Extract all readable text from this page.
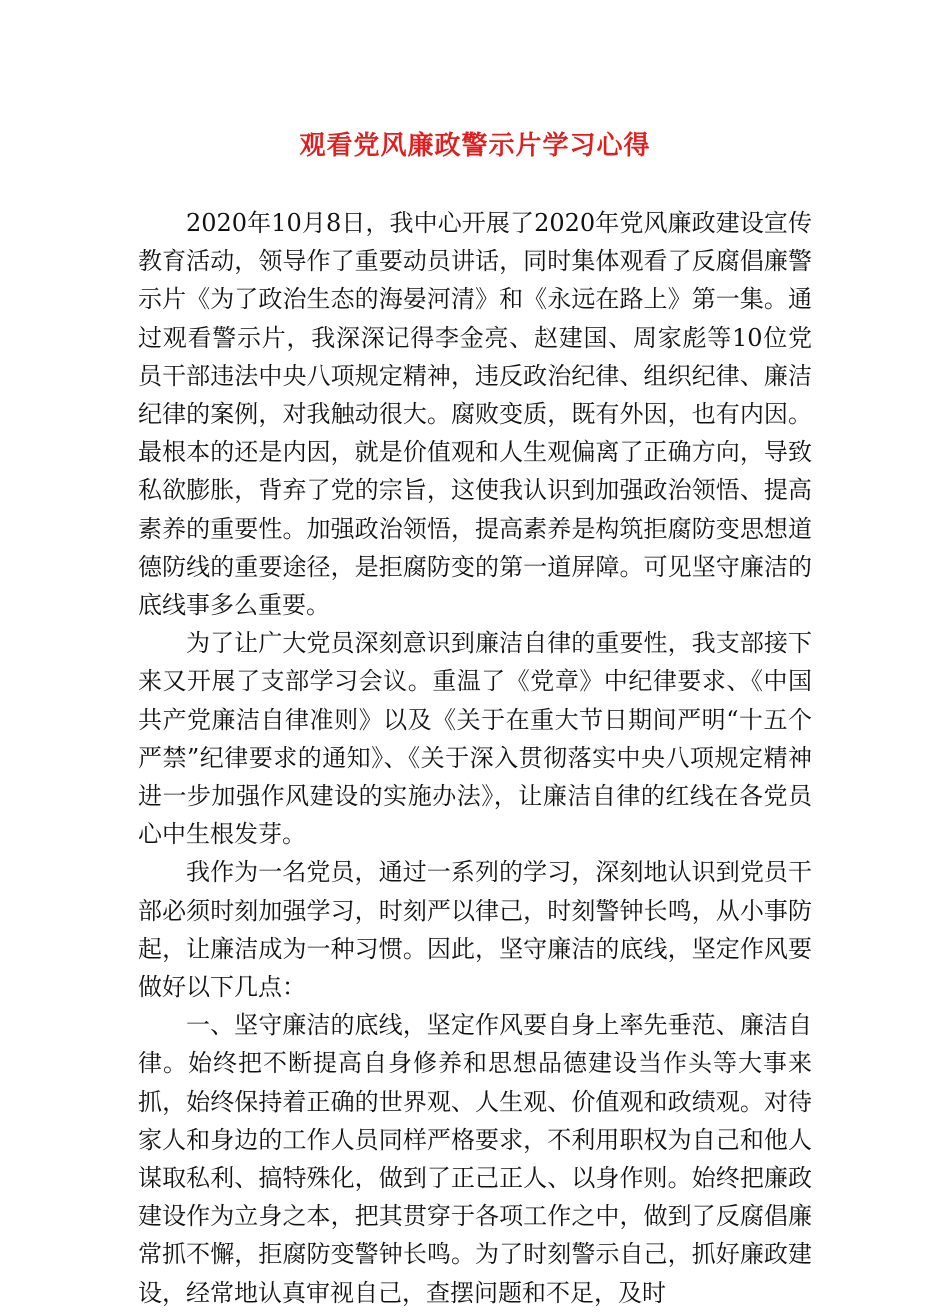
观看党风廉政警示片学习心得

2020年10月8日，我中心开展了2020年党风廉政建设宣传教育活动，领导作了重要动员讲话，同时集体观看了反腐倡廉警示片《为了政治生态的海晏河清》和《永远在路上》第一集。通过观看警示片，我深深记得李金亮、赵建国、周家彪等10位党员干部违法中央八项规定精神，违反政治纪律、组织纪律、廉洁纪律的案例，对我触动很大。腐败变质，既有外因，也有内因。最根本的还是内因，就是价值观和人生观偏离了正确方向，导致私欲膨胀，背弃了党的宗旨，这使我认识到加强政治领悟、提高素养的重要性。加强政治领悟，提高素养是构筑拒腐防变思想道德防线的重要途径，是拒腐防变的第一道屏障。可见坚守廉洁的底线事多么重要。

为了让广大党员深刻意识到廉洁自律的重要性，我支部接下来又开展了支部学习会议。重温了《党章》中纪律要求、《中国共产党廉洁自律准则》以及《关于在重大节日期间严明“十五个严禁”纪律要求的通知》、《关于深入贯彻落实中央八项规定精神进一步加强作风建设的实施办法》，让廉洁自律的红线在各党员心中生根发芽。

我作为一名党员，通过一系列的学习，深刻地认识到党员干部必须时刻加强学习，时刻严以律己，时刻警钟长鸣，从小事防起，让廉洁成为一种习惯。因此，坚守廉洁的底线，坚定作风要做好以下几点：

一、坚守廉洁的底线，坚定作风要自身上率先垂范、廉洁自律。始终把不断提高自身修养和思想品德建设当作头等大事来抓，始终保持着正确的世界观、人生观、价值观和政绩观。对待家人和身边的工作人员同样严格要求，不利用职权为自己和他人谋取私利、搞特殊化，做到了正己正人、以身作则。始终把廉政建设作为立身之本，把其贯穿于各项工作之中，做到了反腐倡廉常抓不懈，拒腐防变警钟长鸣。为了时刻警示自己，抓好廉政建设，经常地认真审视自己，查摆问题和不足，及时
